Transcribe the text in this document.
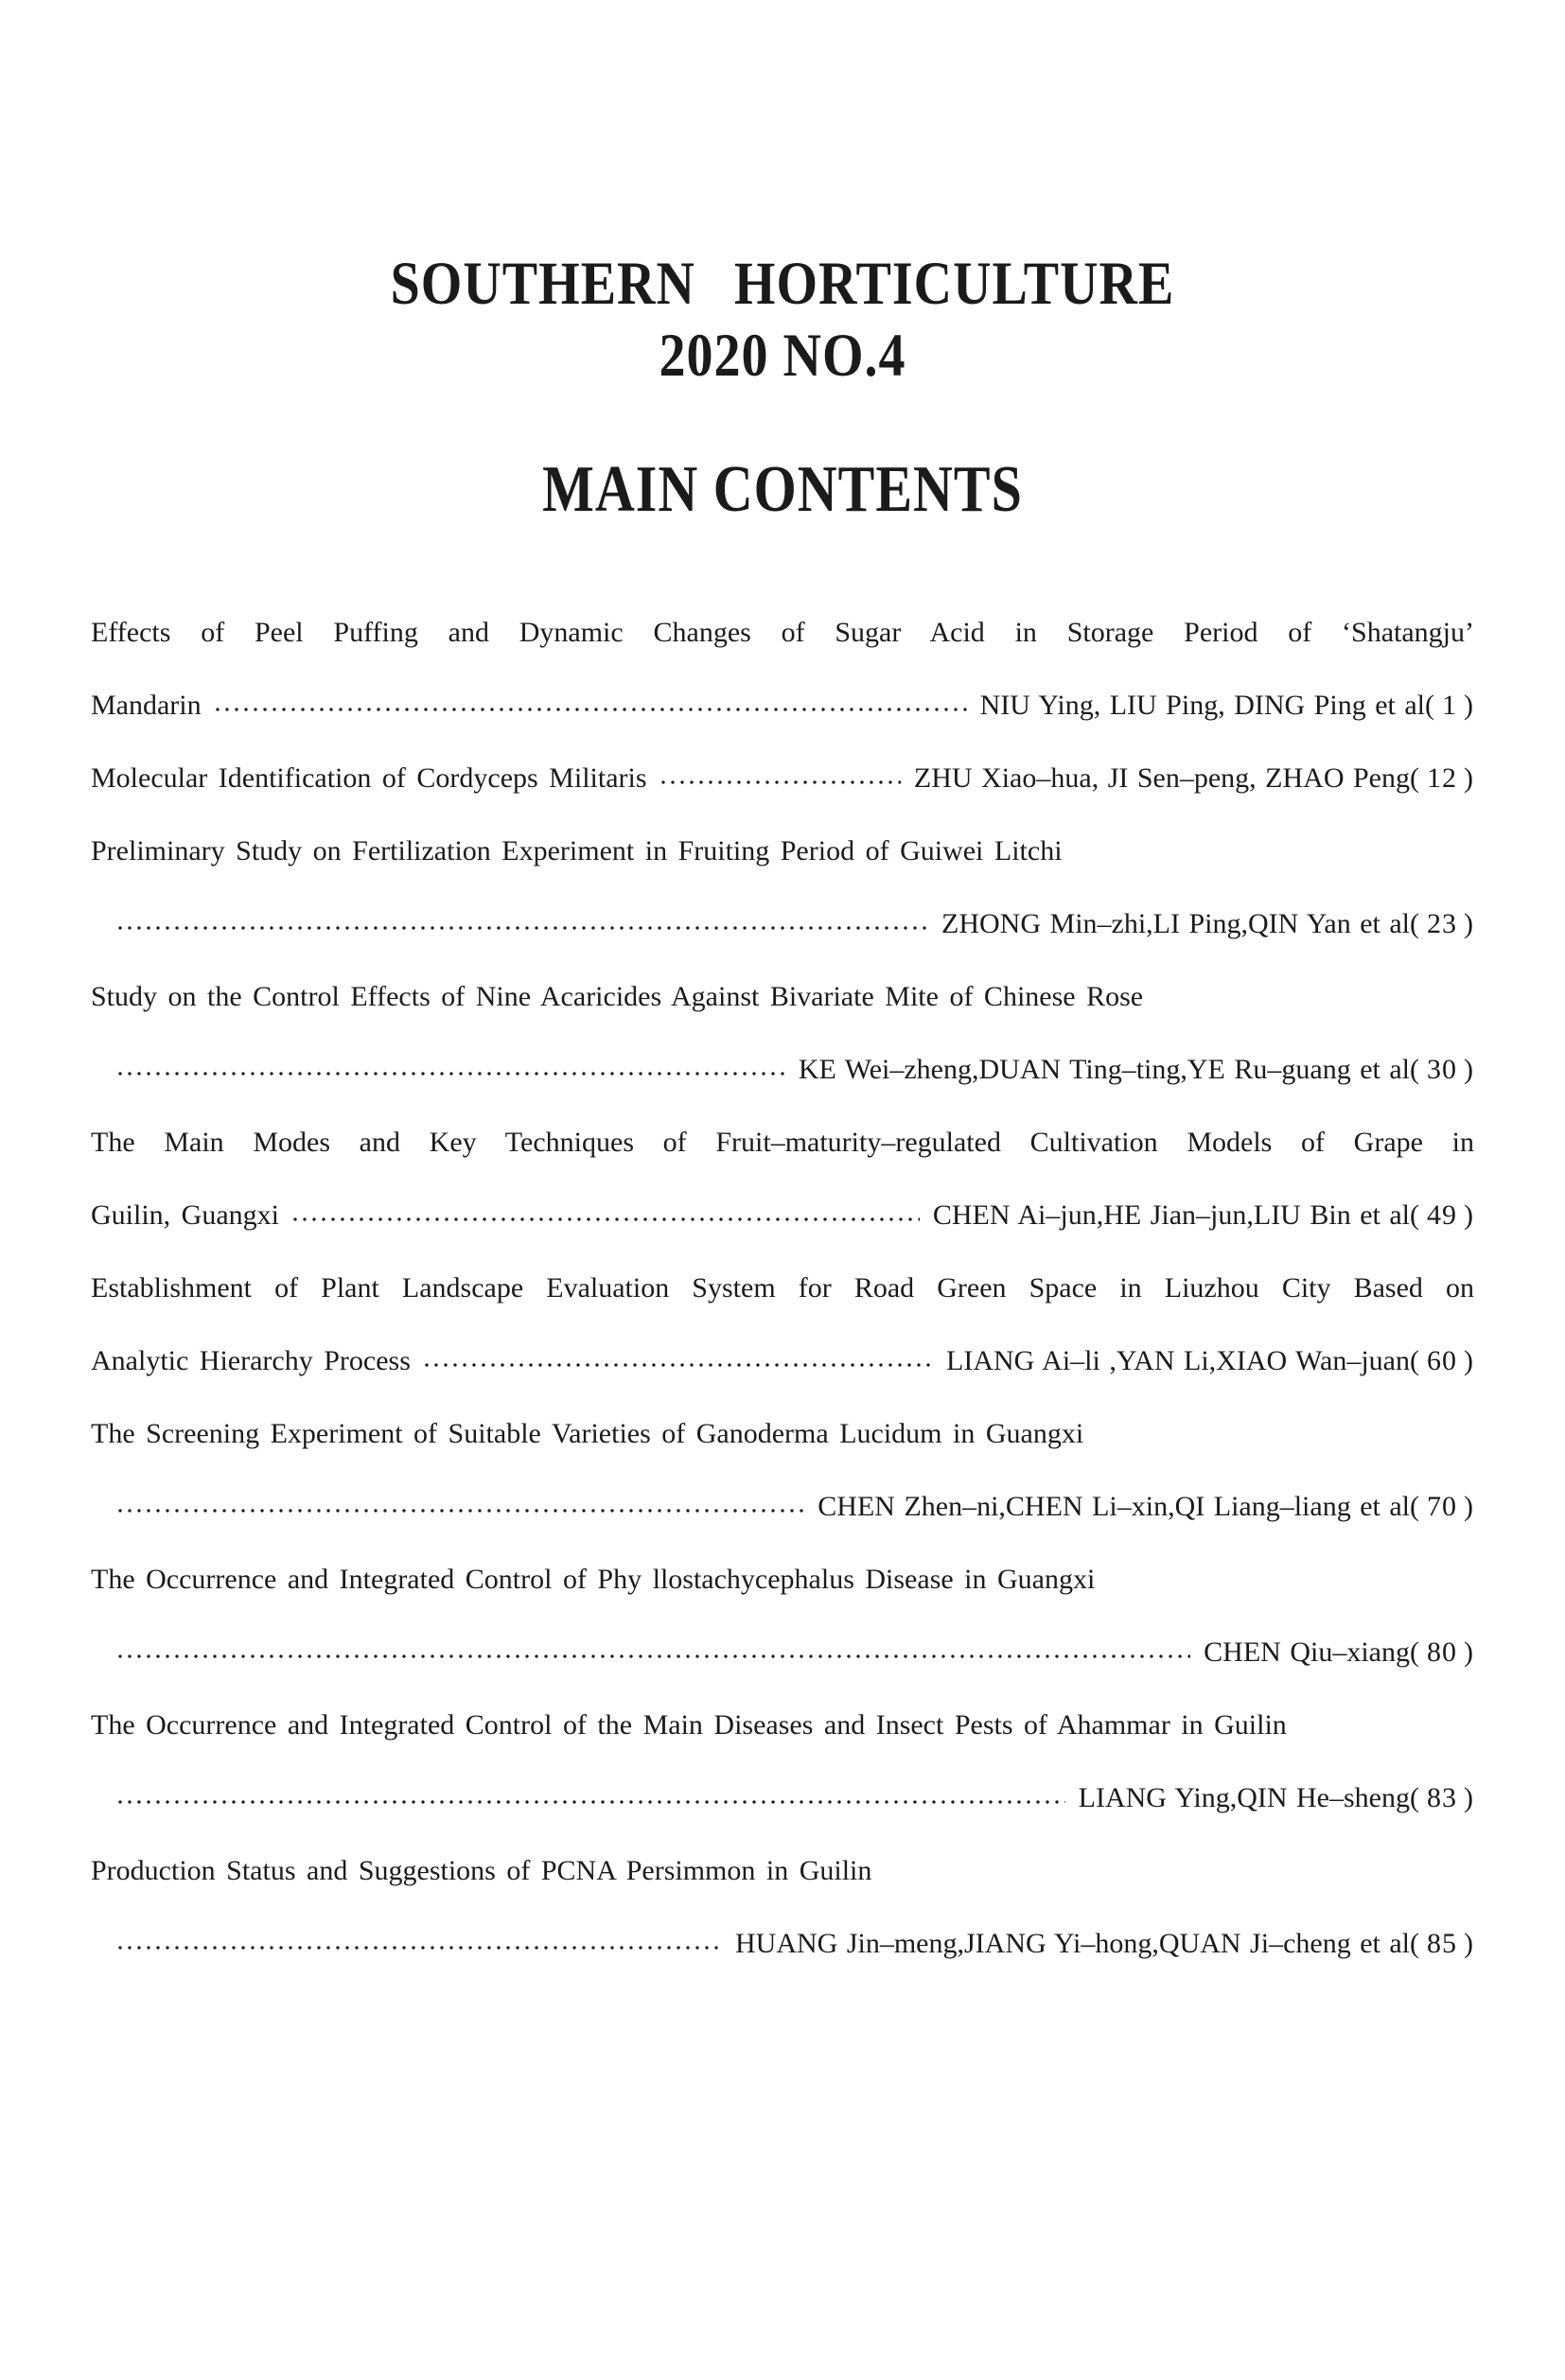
SOUTHERN HORTICULTURE
2020 NO.4
MAIN CONTENTS
Effects of Peel Puffing and Dynamic Changes of Sugar Acid in Storage Period of ‘Shatangju’
Mandarin	NIU Ying, LIU Ping, DING Ping et al( 1 )
Molecular Identification of Cordyceps Militaris	ZHU Xiao–hua, JI Sen–peng, ZHAO Peng( 12 )
Preliminary Study on Fertilization Experiment in Fruiting Period of Guiwei Litchi
ZHONG Min–zhi,LI Ping,QIN Yan et al( 23 )
Study on the Control Effects of Nine Acaricides Against Bivariate Mite of Chinese Rose
KE Wei–zheng,DUAN Ting–ting,YE Ru–guang et al( 30 )
The Main Modes and Key Techniques of Fruit–maturity–regulated Cultivation Models of Grape in
Guilin, Guangxi	CHEN Ai–jun,HE Jian–jun,LIU Bin et al( 49 )
Establishment of Plant Landscape Evaluation System for Road Green Space in Liuzhou City Based on
Analytic Hierarchy Process	LIANG Ai–li ,YAN Li,XIAO Wan–juan( 60 )
The Screening Experiment of Suitable Varieties of Ganoderma Lucidum in Guangxi
CHEN Zhen–ni,CHEN Li–xin,QI Liang–liang et al( 70 )
The Occurrence and Integrated Control of Phy llostachycephalus Disease in Guangxi
CHEN Qiu–xiang( 80 )
The Occurrence and Integrated Control of the Main Diseases and Insect Pests of Ahammar in Guilin
LIANG Ying,QIN He–sheng( 83 )
Production Status and Suggestions of PCNA Persimmon in Guilin
HUANG Jin–meng,JIANG Yi–hong,QUAN Ji–cheng et al( 85 )
